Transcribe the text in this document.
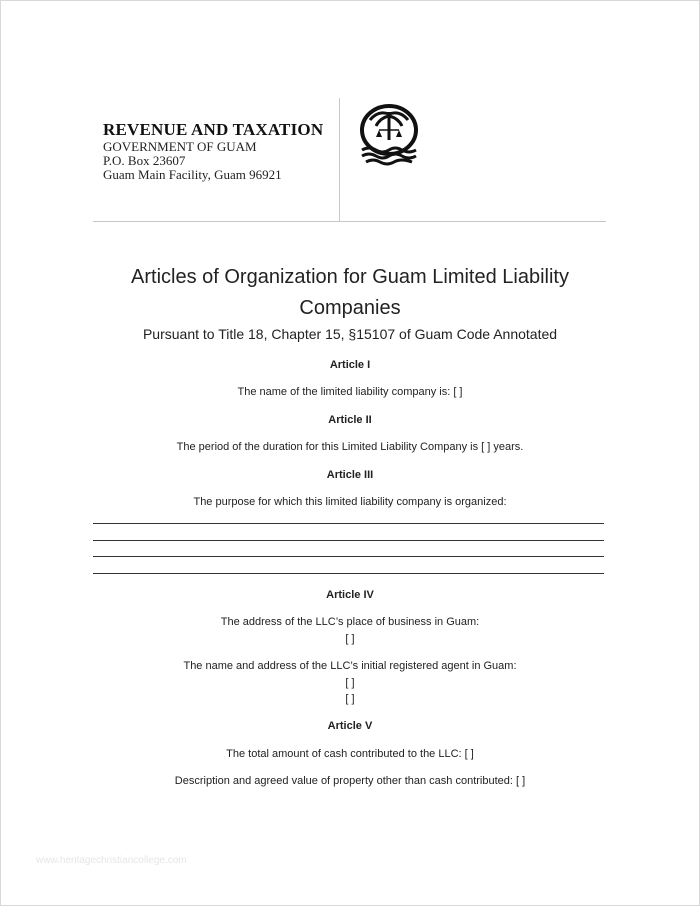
REVENUE AND TAXATION
GOVERNMENT OF GUAM
P.O. Box 23607
Guam Main Facility, Guam 96921
Articles of Organization for Guam Limited Liability
Companies
Pursuant to Title 18, Chapter 15, §15107 of Guam Code Annotated
Article I
The name of the limited liability company is: [ ]
Article II
The period of the duration for this Limited Liability Company is [ ] years.
Article III
The purpose for which this limited liability company is organized:
Article IV
The address of the LLC’s place of business in Guam:
[ ]
The name and address of the LLC’s initial registered agent in Guam:
[ ]
[ ]
Article V
The total amount of cash contributed to the LLC: [ ]
Description and agreed value of property other than cash contributed: [ ]
www.heritagechristiancollege.com
